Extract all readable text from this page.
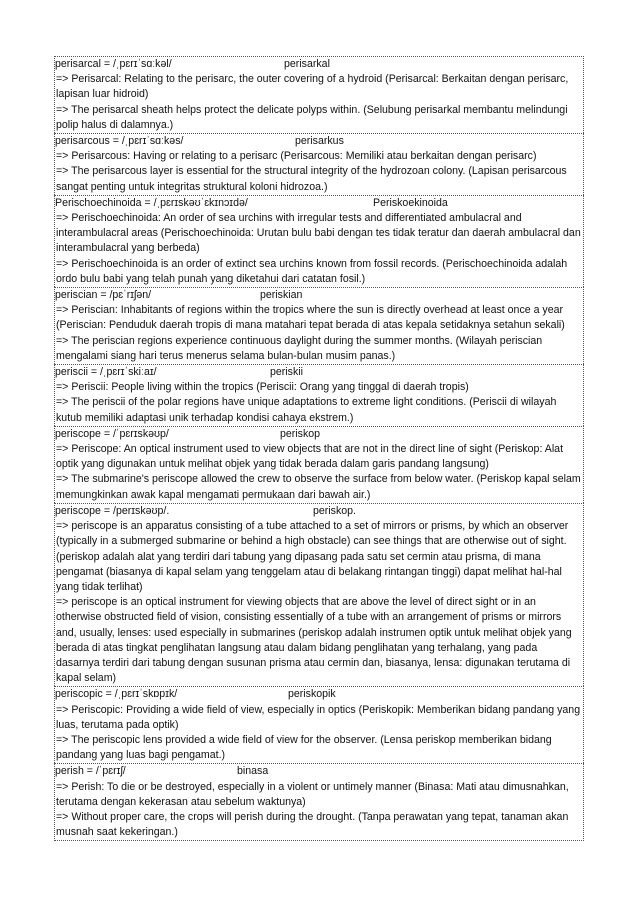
perisarcal = /ˌpɛrɪˈsɑːkəl/	perisarkal
=> Perisarcal: Relating to the perisarc, the outer covering of a hydroid (Perisarcal: Berkaitan dengan perisarc, lapisan luar hidroid)
=> The perisarcal sheath helps protect the delicate polyps within. (Selubung perisarkal membantu melindungi polip halus di dalamnya.)
perisarcous = /ˌpɛrɪˈsɑːkəs/	perisarkus
=> Perisarcous: Having or relating to a perisarc (Perisarcous: Memiliki atau berkaitan dengan perisarc)
=> The perisarcous layer is essential for the structural integrity of the hydrozoan colony. (Lapisan perisarcous sangat penting untuk integritas struktural koloni hidrozoa.)
Perischoechinoida = /ˌpɛrɪskəʊˈɛkɪnɔɪdə/	Periskoekinoida
=> Perischoechinoida: An order of sea urchins with irregular tests and differentiated ambulacral and interambulacral areas (Perischoechinoida: Urutan bulu babi dengan tes tidak teratur dan daerah ambulacral dan interambulacral yang berbeda)
=> Perischoechinoida is an order of extinct sea urchins known from fossil records. (Perischoechinoida adalah ordo bulu babi yang telah punah yang diketahui dari catatan fosil.)
periscian = /pɛˈrɪʃən/	periskian
=> Periscian: Inhabitants of regions within the tropics where the sun is directly overhead at least once a year (Periscian: Penduduk daerah tropis di mana matahari tepat berada di atas kepala setidaknya setahun sekali)
=> The periscian regions experience continuous daylight during the summer months. (Wilayah periscian mengalami siang hari terus menerus selama bulan-bulan musim panas.)
periscii = /ˌpɛrɪˈskiːaɪ/	periskii
=> Periscii: People living within the tropics (Periscii: Orang yang tinggal di daerah tropis)
=> The periscii of the polar regions have unique adaptations to extreme light conditions. (Periscii di wilayah kutub memiliki adaptasi unik terhadap kondisi cahaya ekstrem.)
periscope = /ˈpɛrɪskəʊp/	periskop
=> Periscope: An optical instrument used to view objects that are not in the direct line of sight (Periskop: Alat optik yang digunakan untuk melihat objek yang tidak berada dalam garis pandang langsung)
=> The submarine's periscope allowed the crew to observe the surface from below water. (Periskop kapal selam memungkinkan awak kapal mengamati permukaan dari bawah air.)
periscope = /perɪskəʊp/.	periskop.
=> periscope is an apparatus consisting of a tube attached to a set of mirrors or prisms, by which an observer (typically in a submerged submarine or behind a high obstacle) can see things that are otherwise out of sight. (periskop adalah alat yang terdiri dari tabung yang dipasang pada satu set cermin atau prisma, di mana pengamat (biasanya di kapal selam yang tenggelam atau di belakang rintangan tinggi) dapat melihat hal-hal yang tidak terlihat)
=> periscope is an optical instrument for viewing objects that are above the level of direct sight or in an otherwise obstructed field of vision, consisting essentially of a tube with an arrangement of prisms or mirrors and, usually, lenses: used especially in submarines (periskop adalah instrumen optik untuk melihat objek yang berada di atas tingkat penglihatan langsung atau dalam bidang penglihatan yang terhalang, yang pada dasarnya terdiri dari tabung dengan susunan prisma atau cermin dan, biasanya, lensa: digunakan terutama di kapal selam)
periscopic = /ˌpɛrɪˈskɒpɪk/	periskopik
=> Periscopic: Providing a wide field of view, especially in optics (Periskopik: Memberikan bidang pandang yang luas, terutama pada optik)
=> The periscopic lens provided a wide field of view for the observer. (Lensa periskop memberikan bidang pandang yang luas bagi pengamat.)
perish = /ˈpɛrɪʃ/	binasa
=> Perish: To die or be destroyed, especially in a violent or untimely manner (Binasa: Mati atau dimusnahkan, terutama dengan kekerasan atau sebelum waktunya)
=> Without proper care, the crops will perish during the drought. (Tanpa perawatan yang tepat, tanaman akan musnah saat kekeringan.)
